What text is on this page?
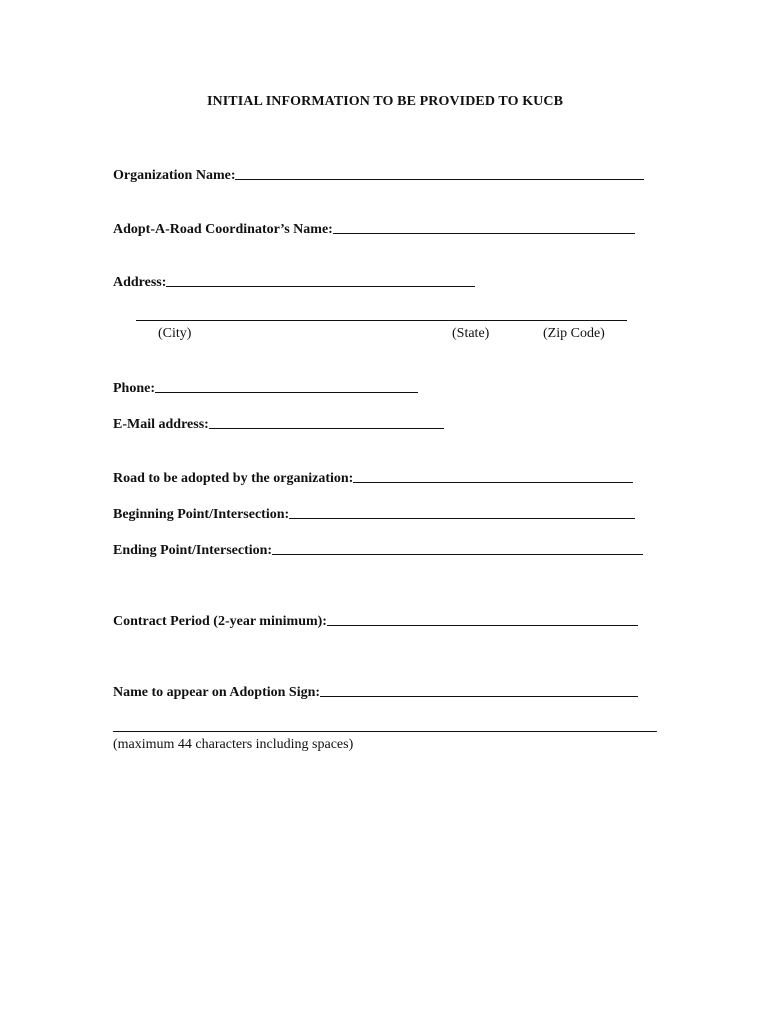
INITIAL INFORMATION TO BE PROVIDED TO KUCB
Organization Name:
Adopt-A-Road Coordinator’s Name:
Address:
(City)	(State)	(Zip Code)
Phone:
E-Mail address:
Road to be adopted by the organization:
Beginning Point/Intersection:
Ending Point/Intersection:
Contract Period (2-year minimum):
Name to appear on Adoption Sign:
(maximum 44 characters including spaces)
